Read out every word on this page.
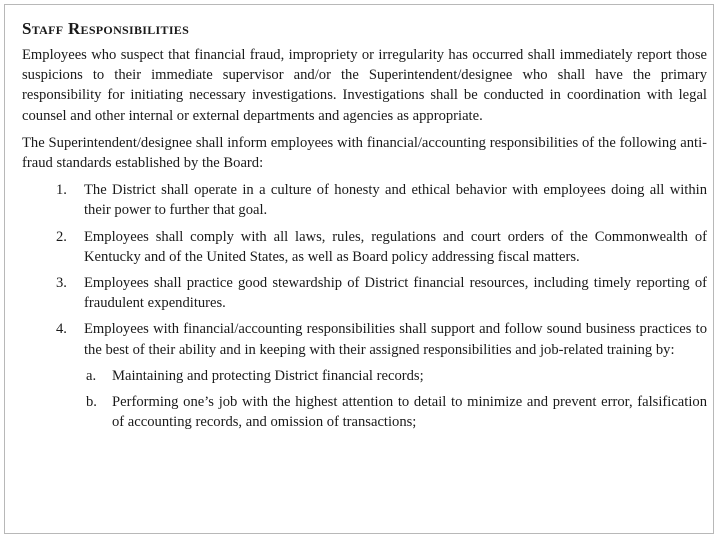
Staff Responsibilities

Employees who suspect that financial fraud, impropriety or irregularity has occurred shall immediately report those suspicions to their immediate supervisor and/or the Superintendent/designee who shall have the primary responsibility for initiating necessary investigations. Investigations shall be conducted in coordination with legal counsel and other internal or external departments and agencies as appropriate.

The Superintendent/designee shall inform employees with financial/accounting responsibilities of the following anti-fraud standards established by the Board:

1. The District shall operate in a culture of honesty and ethical behavior with employees doing all within their power to further that goal.
2. Employees shall comply with all laws, rules, regulations and court orders of the Commonwealth of Kentucky and of the United States, as well as Board policy addressing fiscal matters.
3. Employees shall practice good stewardship of District financial resources, including timely reporting of fraudulent expenditures.
4. Employees with financial/accounting responsibilities shall support and follow sound business practices to the best of their ability and in keeping with their assigned responsibilities and job-related training by:
a. Maintaining and protecting District financial records;
b. Performing one’s job with the highest attention to detail to minimize and prevent error, falsification of accounting records, and omission of transactions;
